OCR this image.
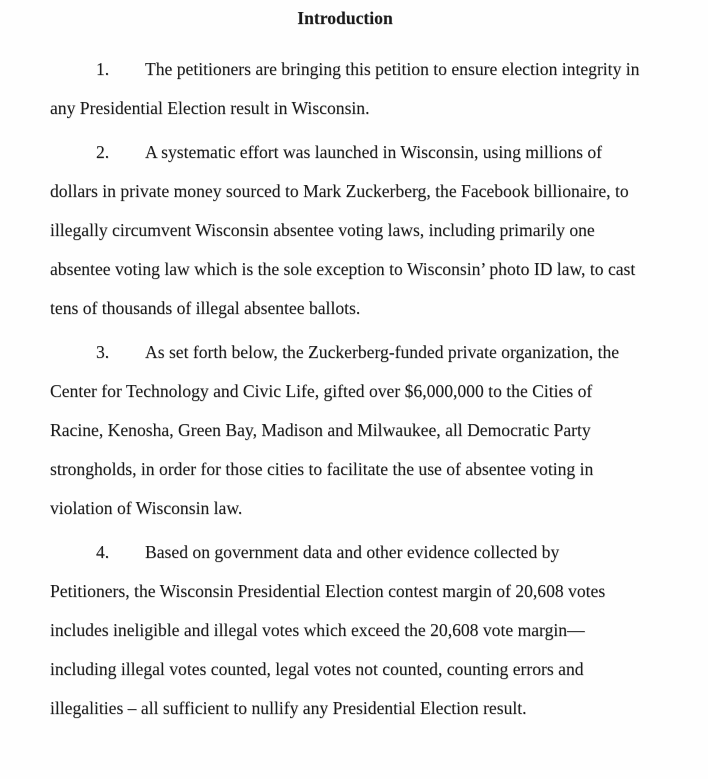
Introduction
1. The petitioners are bringing this petition to ensure election integrity in
any Presidential Election result in Wisconsin.
2. A systematic effort was launched in Wisconsin, using millions of
dollars in private money sourced to Mark Zuckerberg, the Facebook billionaire, to
illegally circumvent Wisconsin absentee voting laws, including primarily one
absentee voting law which is the sole exception to Wisconsin’ photo ID law, to cast
tens of thousands of illegal absentee ballots.
3. As set forth below, the Zuckerberg-funded private organization, the
Center for Technology and Civic Life, gifted over $6,000,000 to the Cities of
Racine, Kenosha, Green Bay, Madison and Milwaukee, all Democratic Party
strongholds, in order for those cities to facilitate the use of absentee voting in
violation of Wisconsin law.
4. Based on government data and other evidence collected by
Petitioners, the Wisconsin Presidential Election contest margin of 20,608 votes
includes ineligible and illegal votes which exceed the 20,608 vote margin—
including illegal votes counted, legal votes not counted, counting errors and
illegalities – all sufficient to nullify any Presidential Election result.
